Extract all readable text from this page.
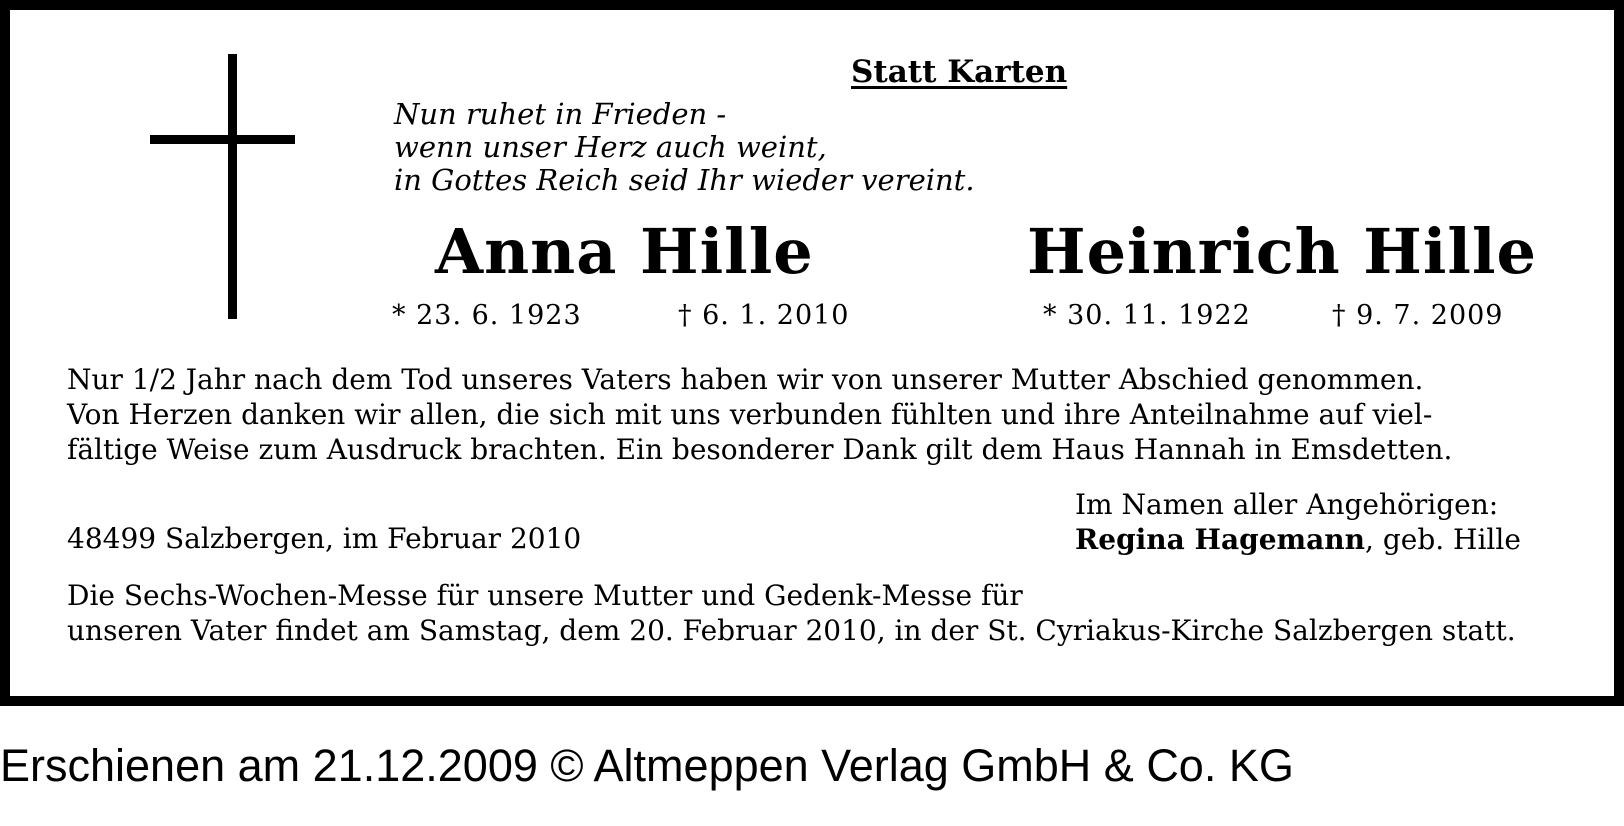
Statt Karten
Nun ruhet in Frieden -
wenn unser Herz auch weint,
in Gottes Reich seid Ihr wieder vereint.
Anna Hille
* 23. 6. 1923	† 6. 1. 2010
Heinrich Hille
* 30. 11. 1922	† 9. 7. 2009
Nur 1/2 Jahr nach dem Tod unseres Vaters haben wir von unserer Mutter Abschied genommen.
Von Herzen danken wir allen, die sich mit uns verbunden fühlten und ihre Anteilnahme auf viel-
fältige Weise zum Ausdruck brachten. Ein besonderer Dank gilt dem Haus Hannah in Emsdetten.
48499 Salzbergen, im Februar 2010
Im Namen aller Angehörigen:
Regina Hagemann, geb. Hille
Die Sechs-Wochen-Messe für unsere Mutter und Gedenk-Messe für
unseren Vater findet am Samstag, dem 20. Februar 2010, in der St. Cyriakus-Kirche Salzbergen statt.
Erschienen am 21.12.2009 © Altmeppen Verlag GmbH & Co. KG
